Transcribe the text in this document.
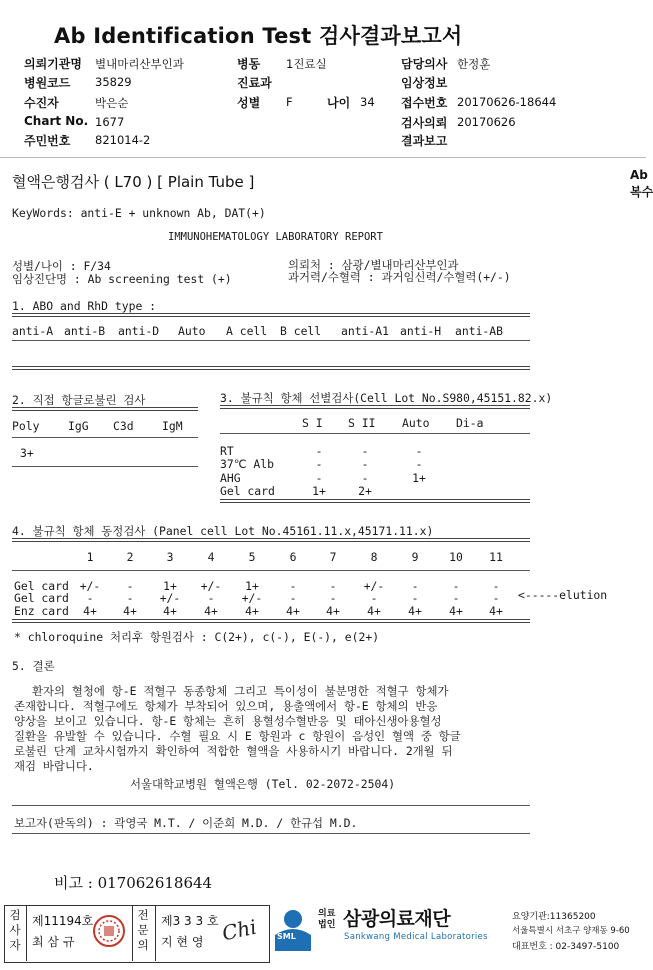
Ab Identification Test 검사결과보고서
의뢰기관명 별내마리산부인과	병동 1진료실	담당의사 한정훈
병원코드 35829	진료과	임상정보
수진자	박은순	성별 F	나이 34 접수번호 20170626-18644
Chart No. 1677	검사의뢰 20170626
주민번호 821014-2	결과보고
혈액은행검사 ( L70 ) [ Plain Tube ]	Ab
복수
KeyWords: anti-E + unknown Ab, DAT(+)
IMMUNOHEMATOLOGY LABORATORY REPORT
성별/나이 : F/34
임상진단명 : Ab screening test (+)
의뢰처 : 삼광/별내마리산부인과
과거력/수혈력 : 과거임신력/수혈력(+/-)
1. ABO and RhD type :
anti-A anti-B anti-D Auto A cell B cell anti-A1 anti-H anti-AB
2. 직접 항글로불린 검사
Poly	IgG C3d IgM
3+
3. 불규칙 항체 선별검사(Cell Lot No.S980,45151.82.x)
S I S II Auto Di-a
RT	-	-	-
37℃ Alb	-	-	-
AHG	-	-	1+
Gel card	1+	2+
4. 불규칙 항체 동정검사 (Panel cell Lot No.45161.11.x,45171.11.x)
1	2	3	4	5	6	7	8	9	10	11
Gel card +/-	-	1+	+/-	1+	-	-	+/-	-	-	-
Gel card	-	-	+/-	-	+/-	-	-	-	-	-	-
Enz card	4+	4+	4+	4+	4+	4+	4+	4+	4+	4+	4+
<-----elution
* chloroquine 처리후 항원검사 : C(2+), c(-), E(-), e(2+)
5. 결론
환자의 혈청에 항-E 적혈구 동종항체 그리고 특이성이 불분명한 적혈구 항체가
존재합니다. 적혈구에도 항체가 부착되어 있으며, 용출액에서 항-E 항체의 반응
양상을 보이고 있습니다. 항-E 항체는 흔히 용혈성수혈반응 및 태아신생아용혈성
질환을 유발할 수 있습니다. 수혈 필요 시 E 항원과 c 항원이 음성인 혈액 중 항글
로불린 단계 교차시험까지 확인하여 적합한 혈액을 사용하시기 바랍니다. 2개월 뒤
재검 바랍니다.
서울대학교병원 혈액은행 (Tel. 02-2072-2504)
보고자(판독의) : 곽영국 M.T. / 이준희 M.D. / 한규섭 M.D.
비고 : 017062618644
검사자
제11194호
최 삼 규
전문의
제3 3 3 호
지 현 영 Chi SML
의료법인 삼광의료재단
Sankwang Medical Laboratories
요양기관:11365200
서울특별시 서초구 양재동 9-60
대표번호 : 02-3497-5100
